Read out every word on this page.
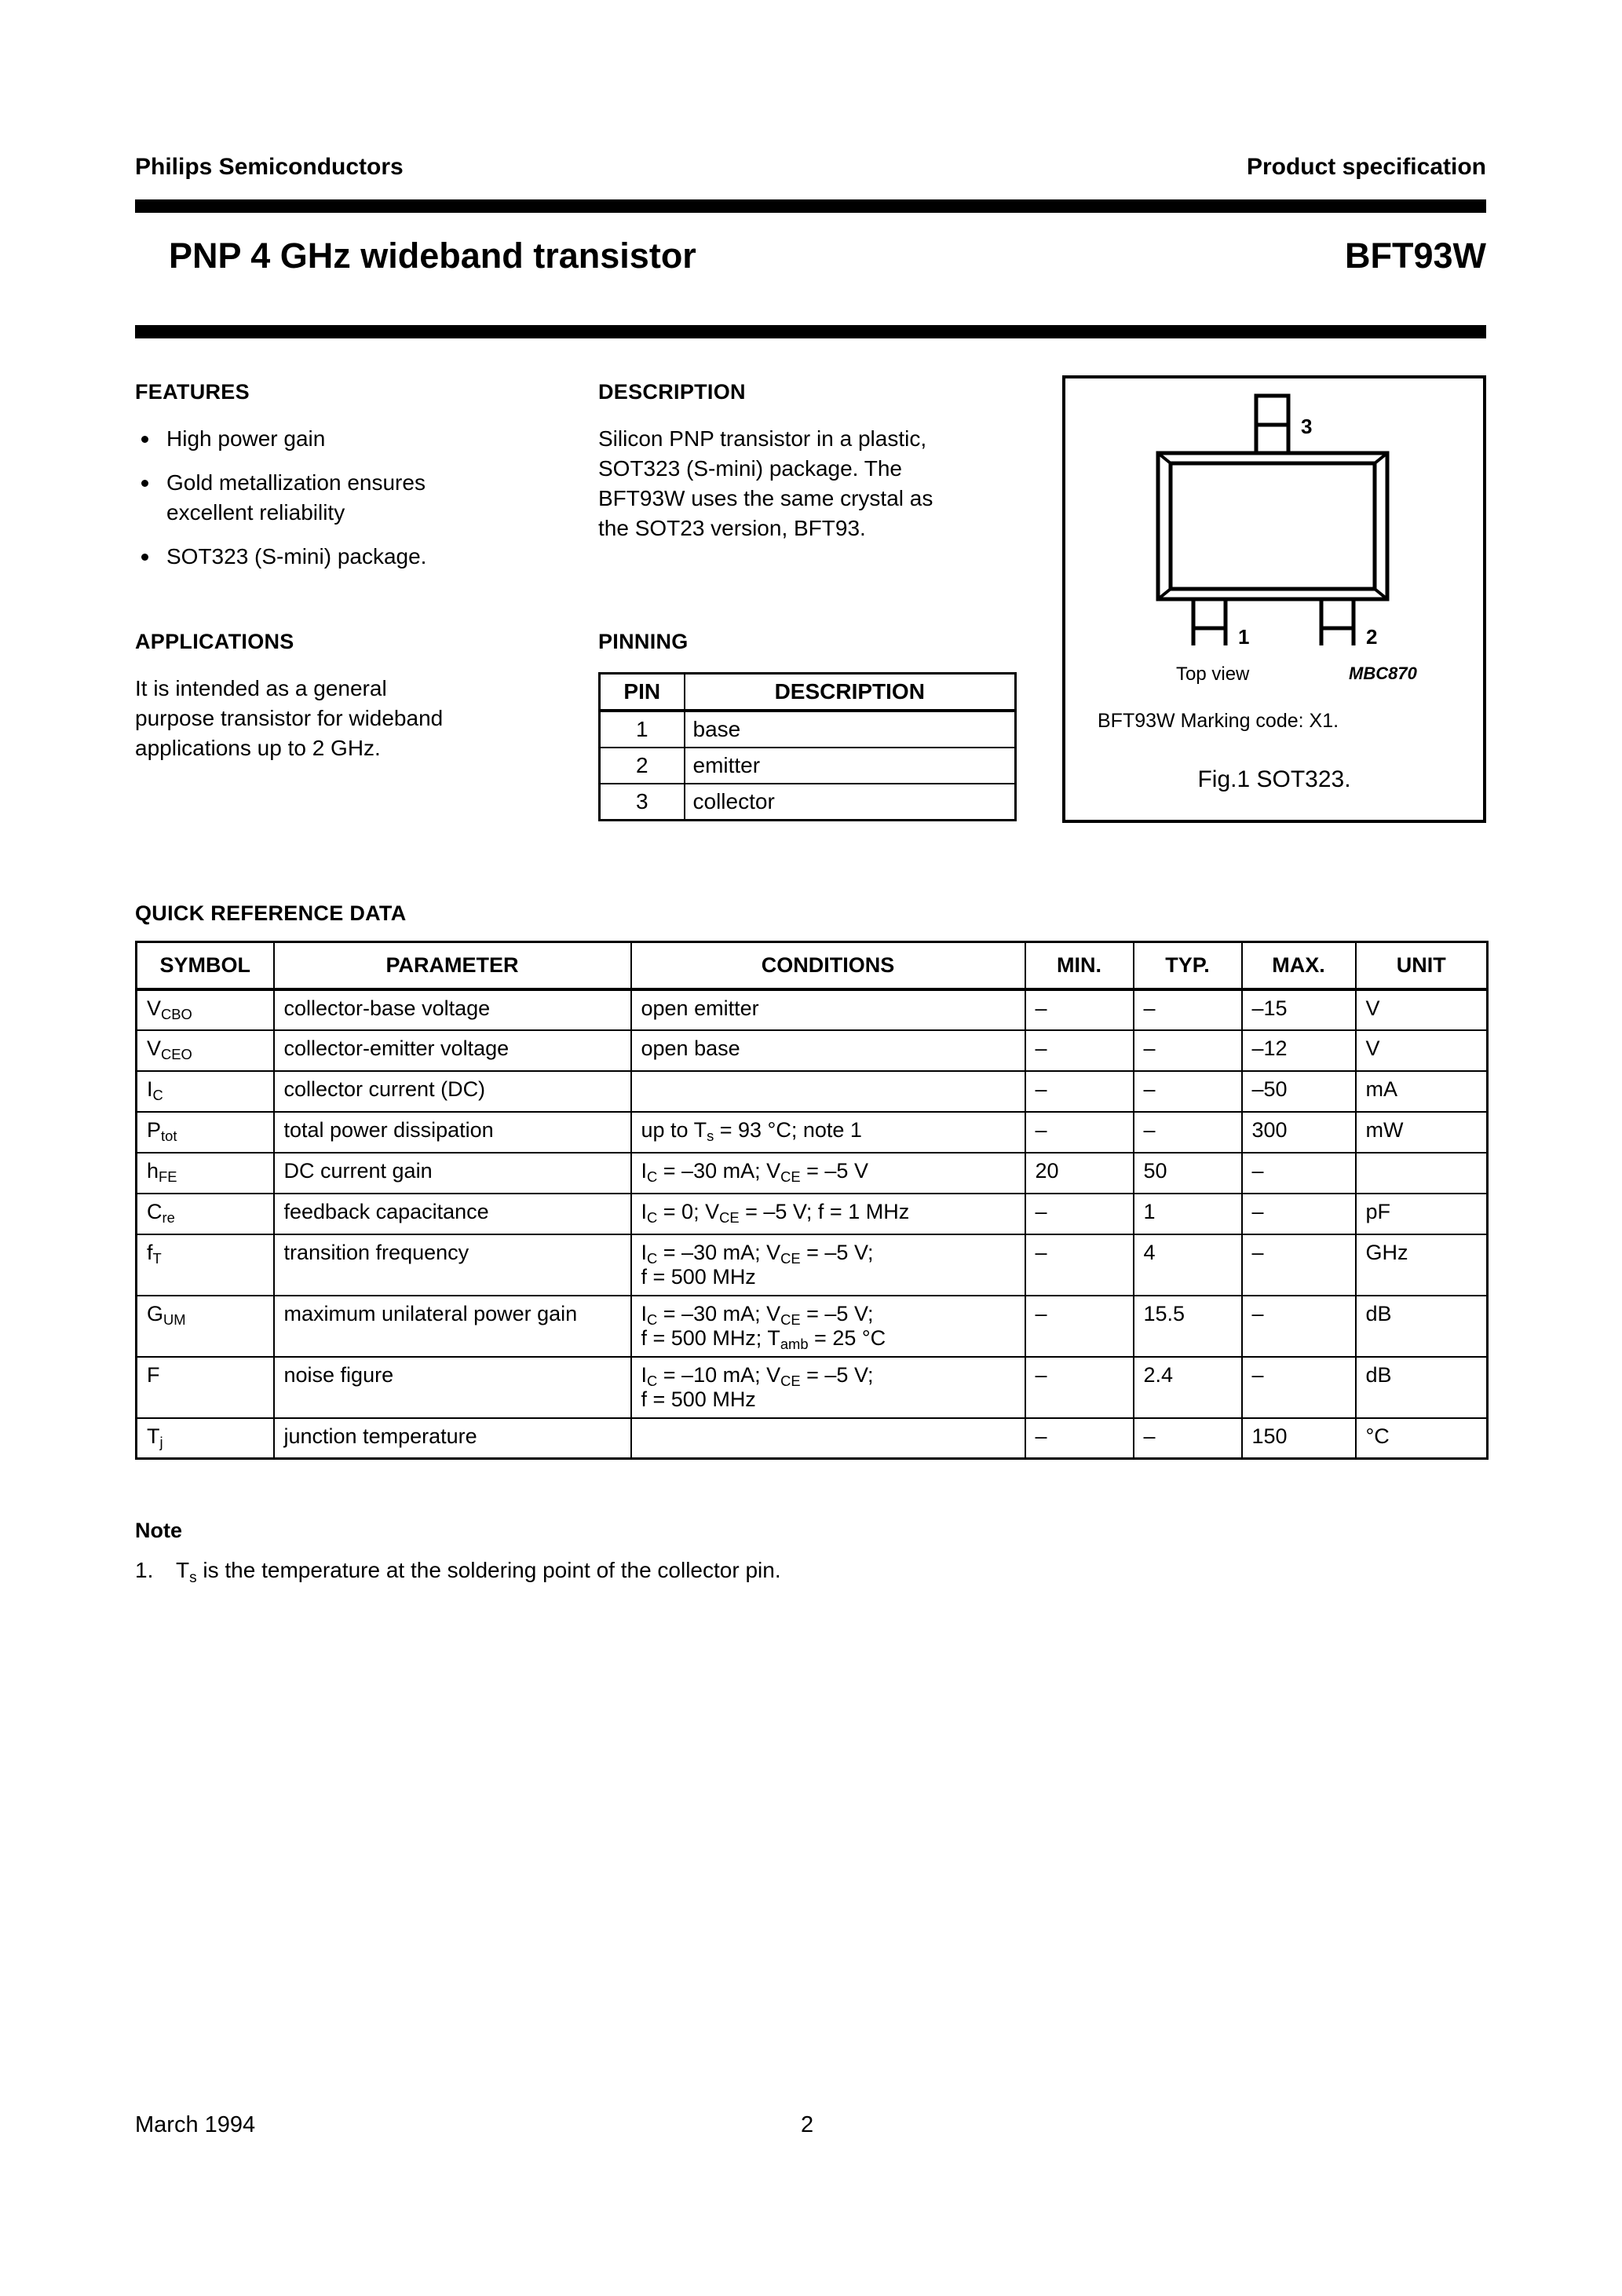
Philips Semiconductors	Product specification
PNP 4 GHz wideband transistor	BFT93W
FEATURES
High power gain
Gold metallization ensures excellent reliability
SOT323 (S-mini) package.
APPLICATIONS
It is intended as a general purpose transistor for wideband applications up to 2 GHz.
DESCRIPTION
Silicon PNP transistor in a plastic, SOT323 (S-mini) package. The BFT93W uses the same crystal as the SOT23 version, BFT93.
PINNING
PIN	DESCRIPTION
1	base
2	emitter
3	collector
3
1	2
Top view	MBC870
BFT93W Marking code: X1.
Fig.1 SOT323.
QUICK REFERENCE DATA
SYMBOL	PARAMETER	CONDITIONS	MIN.	TYP.	MAX.	UNIT
$V_{CBO}$	collector-base voltage	open emitter	–	–	–15	V
$V_{CEO}$	collector-emitter voltage	open base	–	–	–12	V
$I_C$	collector current (DC)		–	–	–50	mA
$P_{tot}$	total power dissipation	up to $T_s = 93$ °C; note 1	–	–	300	mW
$h_{FE}$	DC current gain	$I_C = -30$ mA; $V_{CE} = -5$ V	20	50	–	
$C_{re}$	feedback capacitance	$I_C = 0$; $V_{CE} = -5$ V; f = 1 MHz	–	1	–	pF
$f_T$	transition frequency	$I_C = -30$ mA; $V_{CE} = -5$ V;
f = 500 MHz	–	4	–	GHz
$G_{UM}$	maximum unilateral power gain	$I_C = -30$ mA; $V_{CE} = -5$ V;
f = 500 MHz; $T_{amb} = 25$ °C	–	15.5	–	dB
F	noise figure	$I_C = -10$ mA; $V_{CE} = -5$ V;
f = 500 MHz	–	2.4	–	dB
$T_j$	junction temperature		–	–	150	°C
Note
1. $T_s$ is the temperature at the soldering point of the collector pin.
March 1994	2
